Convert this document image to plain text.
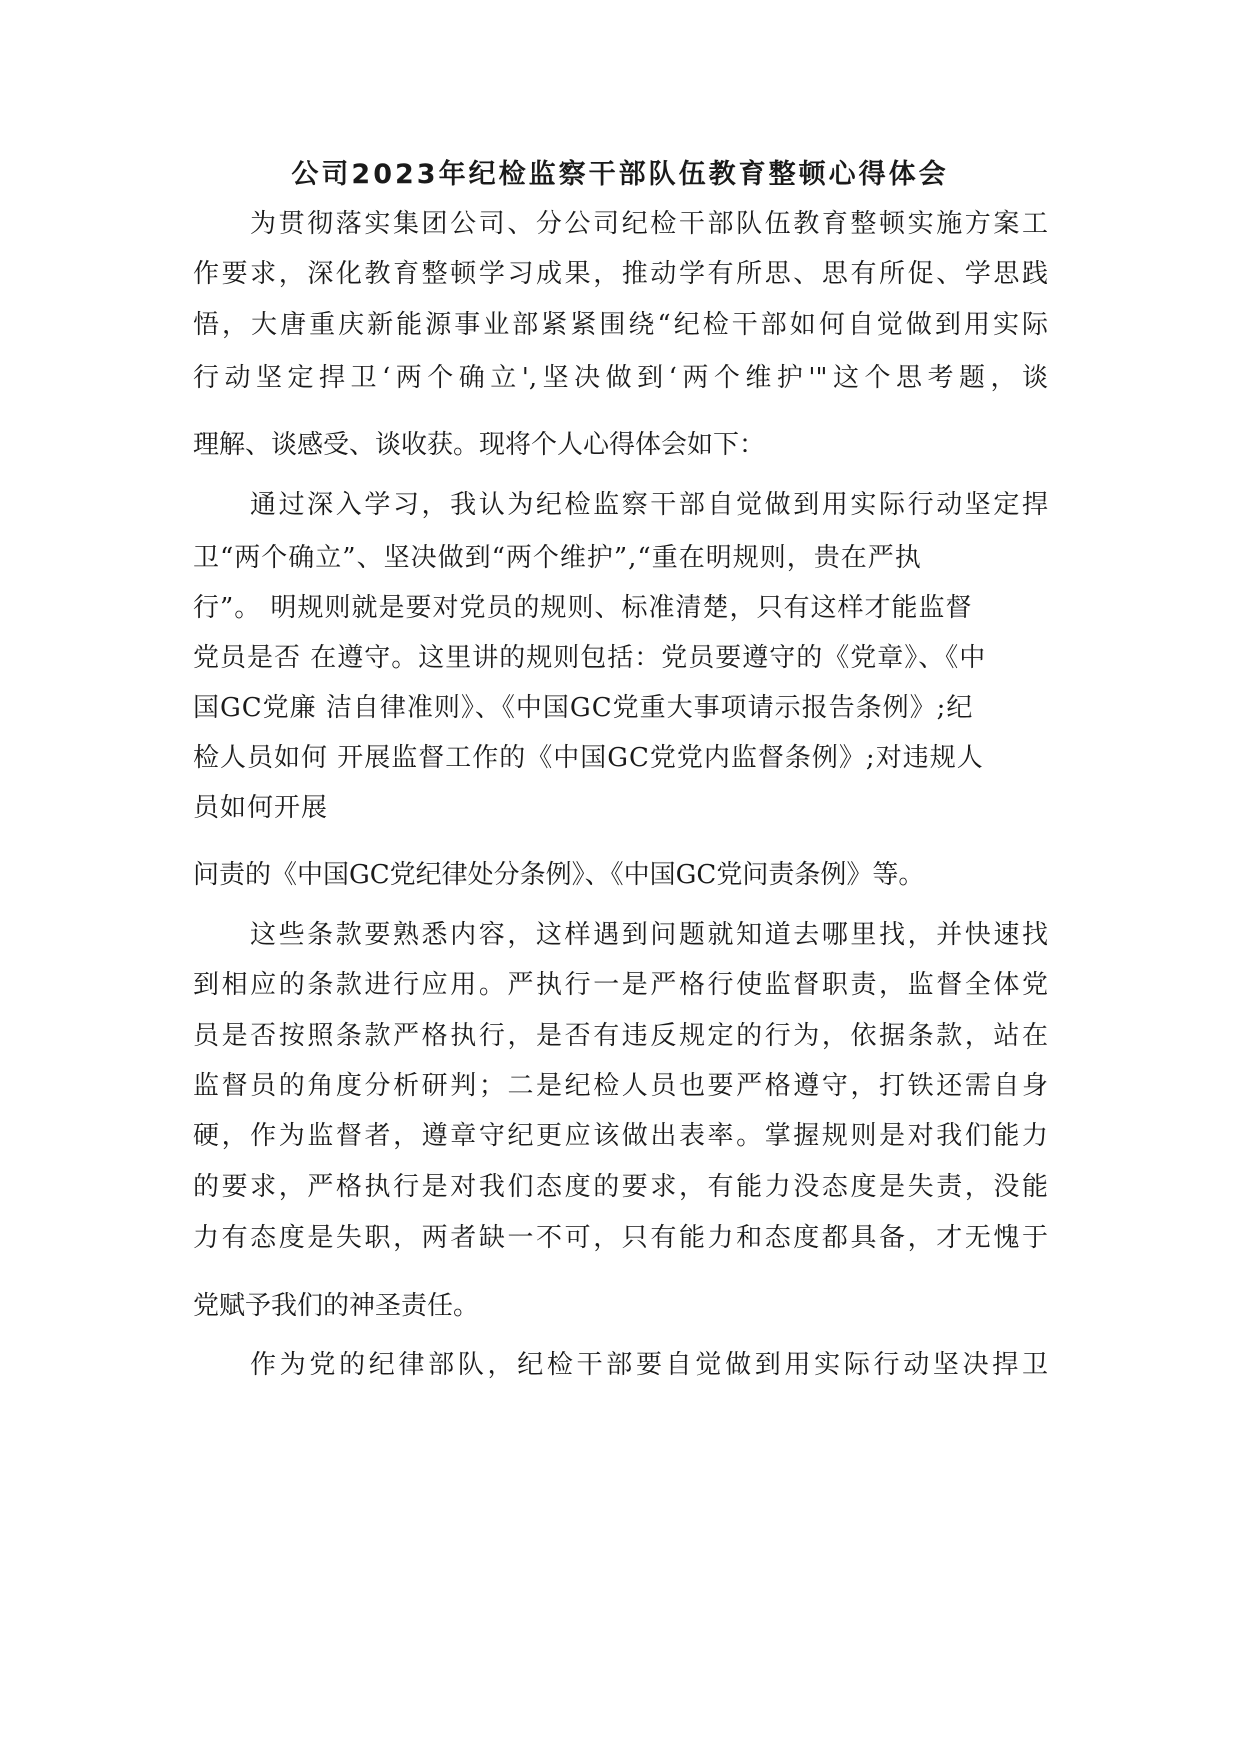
公司2023年纪检监察干部队伍教育整顿心得体会
为贯彻落实集团公司、分公司纪检干部队伍教育整顿实施方案工
作要求，深化教育整顿学习成果，推动学有所思、思有所促、学思践
悟，大唐重庆新能源事业部紧紧围绕“纪检干部如何自觉做到用实际
行动坚定捍卫‘两个确立',坚决做到‘两个维护'"这个思考题，谈
理解、谈感受、谈收获。现将个人心得体会如下：
通过深入学习，我认为纪检监察干部自觉做到用实际行动坚定捍
卫“两个确立”、坚决做到“两个维护”,“重在明规则，贵在严执
行”。 明规则就是要对党员的规则、标准清楚，只有这样才能监督
党员是否 在遵守。这里讲的规则包括：党员要遵守的《党章》、《中
国GC党廉 洁自律准则》、《中国GC党重大事项请示报告条例》;纪
检人员如何 开展监督工作的《中国GC党党内监督条例》;对违规人
员如何开展
问责的《中国GC党纪律处分条例》、《中国GC党问责条例》等。
这些条款要熟悉内容，这样遇到问题就知道去哪里找，并快速找
到相应的条款进行应用。严执行一是严格行使监督职责，监督全体党
员是否按照条款严格执行，是否有违反规定的行为，依据条款，站在
监督员的角度分析研判；二是纪检人员也要严格遵守，打铁还需自身
硬，作为监督者，遵章守纪更应该做出表率。掌握规则是对我们能力
的要求，严格执行是对我们态度的要求，有能力没态度是失责，没能
力有态度是失职，两者缺一不可，只有能力和态度都具备，才无愧于
党赋予我们的神圣责任。
作为党的纪律部队，纪检干部要自觉做到用实际行动坚决捍卫
